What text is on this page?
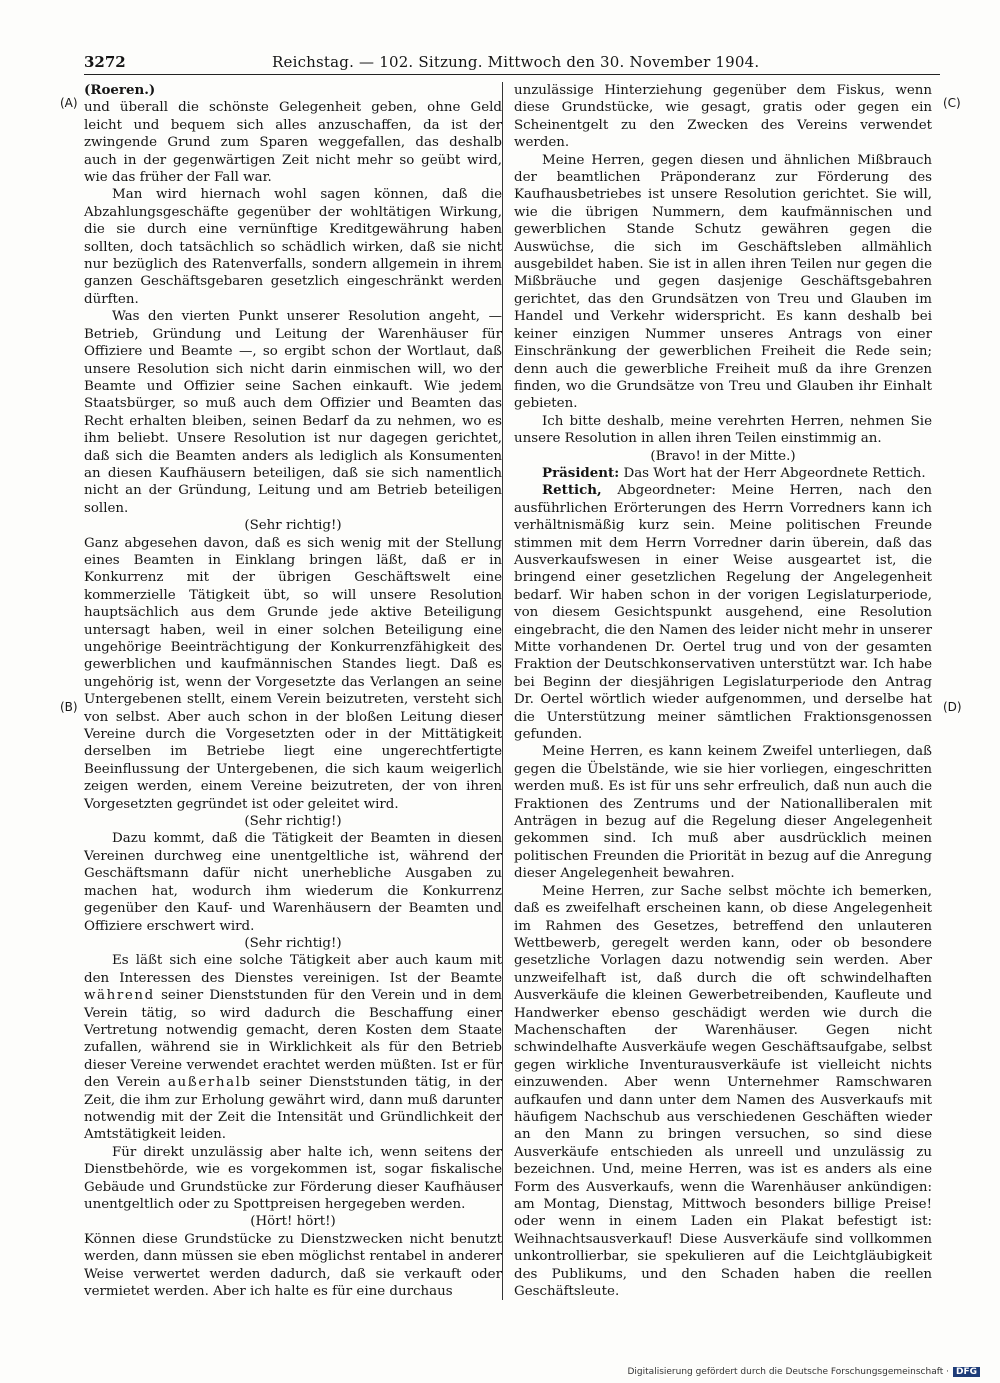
3272	Reichstag. — 102. Sitzung. Mittwoch den 30. November 1904.
(A)
(B)
(C)
(D)

(Roeren.)

und überall die schönste Gelegenheit geben, ohne Geld leicht und bequem sich alles anzuschaffen, da ist der zwingende Grund zum Sparen weggefallen, das deshalb auch in der gegenwärtigen Zeit nicht mehr so geübt wird, wie das früher der Fall war.

Man wird hiernach wohl sagen können, daß die Abzahlungsgeschäfte gegenüber der wohltätigen Wirkung, die sie durch eine vernünftige Kreditgewährung haben sollten, doch tatsächlich so schädlich wirken, daß sie nicht nur bezüglich des Ratenverfalls, sondern allgemein in ihrem ganzen Geschäftsgebaren gesetzlich eingeschränkt werden dürften.

Was den vierten Punkt unserer Resolution angeht, — Betrieb, Gründung und Leitung der Warenhäuser für Offiziere und Beamte —, so ergibt schon der Wortlaut, daß unsere Resolution sich nicht darin einmischen will, wo der Beamte und Offizier seine Sachen einkauft. Wie jedem Staatsbürger, so muß auch dem Offizier und Beamten das Recht erhalten bleiben, seinen Bedarf da zu nehmen, wo es ihm beliebt. Unsere Resolution ist nur dagegen gerichtet, daß sich die Beamten anders als lediglich als Konsumenten an diesen Kaufhäusern beteiligen, daß sie sich namentlich nicht an der Gründung, Leitung und am Betrieb beteiligen sollen.

(Sehr richtig!)

Ganz abgesehen davon, daß es sich wenig mit der Stellung eines Beamten in Einklang bringen läßt, daß er in Konkurrenz mit der übrigen Geschäftswelt eine kommerzielle Tätigkeit übt, so will unsere Resolution hauptsächlich aus dem Grunde jede aktive Beteiligung untersagt haben, weil in einer solchen Beteiligung eine ungehörige Beeinträchtigung der Konkurrenzfähigkeit des gewerblichen und kaufmännischen Standes liegt. Daß es ungehörig ist, wenn der Vorgesetzte das Verlangen an seine Untergebenen stellt, einem Verein beizutreten, versteht sich von selbst. Aber auch schon in der bloßen Leitung dieser Vereine durch die Vorgesetzten oder in der Mittätigkeit derselben im Betriebe liegt eine ungerechtfertigte Beeinflussung der Untergebenen, die sich kaum weigerlich zeigen werden, einem Vereine beizutreten, der von ihren Vorgesetzten gegründet ist oder geleitet wird.

(Sehr richtig!)

Dazu kommt, daß die Tätigkeit der Beamten in diesen Vereinen durchweg eine unentgeltliche ist, während der Geschäftsmann dafür nicht unerhebliche Ausgaben zu machen hat, wodurch ihm wiederum die Konkurrenz gegenüber den Kauf- und Warenhäusern der Beamten und Offiziere erschwert wird.

(Sehr richtig!)

Es läßt sich eine solche Tätigkeit aber auch kaum mit den Interessen des Dienstes vereinigen. Ist der Beamte während seiner Dienststunden für den Verein und in dem Verein tätig, so wird dadurch die Beschaffung einer Vertretung notwendig gemacht, deren Kosten dem Staate zufallen, während sie in Wirklichkeit als für den Betrieb dieser Vereine verwendet erachtet werden müßten. Ist er für den Verein außerhalb seiner Dienststunden tätig, in der Zeit, die ihm zur Erholung gewährt wird, dann muß darunter notwendig mit der Zeit die Intensität und Gründlichkeit der Amtstätigkeit leiden.

Für direkt unzulässig aber halte ich, wenn seitens der Dienstbehörde, wie es vorgekommen ist, sogar fiskalische Gebäude und Grundstücke zur Förderung dieser Kaufhäuser unentgeltlich oder zu Spottpreisen hergegeben werden.

(Hört! hört!)

Können diese Grundstücke zu Dienstzwecken nicht benutzt werden, dann müssen sie eben möglichst rentabel in anderer Weise verwertet werden dadurch, daß sie verkauft oder vermietet werden. Aber ich halte es für eine durchaus

unzulässige Hinterziehung gegenüber dem Fiskus, wenn diese Grundstücke, wie gesagt, gratis oder gegen ein Scheinentgelt zu den Zwecken des Vereins verwendet werden.

Meine Herren, gegen diesen und ähnlichen Mißbrauch der beamtlichen Präponderanz zur Förderung des Kaufhausbetriebes ist unsere Resolution gerichtet. Sie will, wie die übrigen Nummern, dem kaufmännischen und gewerblichen Stande Schutz gewähren gegen die Auswüchse, die sich im Geschäftsleben allmählich ausgebildet haben. Sie ist in allen ihren Teilen nur gegen die Mißbräuche und gegen dasjenige Geschäftsgebahren gerichtet, das den Grundsätzen von Treu und Glauben im Handel und Verkehr widerspricht. Es kann deshalb bei keiner einzigen Nummer unseres Antrags von einer Einschränkung der gewerblichen Freiheit die Rede sein; denn auch die gewerbliche Freiheit muß da ihre Grenzen finden, wo die Grundsätze von Treu und Glauben ihr Einhalt gebieten.

Ich bitte deshalb, meine verehrten Herren, nehmen Sie unsere Resolution in allen ihren Teilen einstimmig an.

(Bravo! in der Mitte.)

Präsident: Das Wort hat der Herr Abgeordnete Rettich.

Rettich, Abgeordneter: Meine Herren, nach den ausführlichen Erörterungen des Herrn Vorredners kann ich verhältnismäßig kurz sein. Meine politischen Freunde stimmen mit dem Herrn Vorredner darin überein, daß das Ausverkaufswesen in einer Weise ausgeartet ist, die bringend einer gesetzlichen Regelung der Angelegenheit bedarf. Wir haben schon in der vorigen Legislaturperiode, von diesem Gesichtspunkt ausgehend, eine Resolution eingebracht, die den Namen des leider nicht mehr in unserer Mitte vorhandenen Dr. Oertel trug und von der gesamten Fraktion der Deutschkonservativen unterstützt war. Ich habe bei Beginn der diesjährigen Legislaturperiode den Antrag Dr. Oertel wörtlich wieder aufgenommen, und derselbe hat die Unterstützung meiner sämtlichen Fraktionsgenossen gefunden.

Meine Herren, es kann keinem Zweifel unterliegen, daß gegen die Übelstände, wie sie hier vorliegen, eingeschritten werden muß. Es ist für uns sehr erfreulich, daß nun auch die Fraktionen des Zentrums und der Nationalliberalen mit Anträgen in bezug auf die Regelung dieser Angelegenheit gekommen sind. Ich muß aber ausdrücklich meinen politischen Freunden die Priorität in bezug auf die Anregung dieser Angelegenheit bewahren.

Meine Herren, zur Sache selbst möchte ich bemerken, daß es zweifelhaft erscheinen kann, ob diese Angelegenheit im Rahmen des Gesetzes, betreffend den unlauteren Wettbewerb, geregelt werden kann, oder ob besondere gesetzliche Vorlagen dazu notwendig sein werden. Aber unzweifelhaft ist, daß durch die oft schwindelhaften Ausverkäufe die kleinen Gewerbetreibenden, Kaufleute und Handwerker ebenso geschädigt werden wie durch die Machenschaften der Warenhäuser. Gegen nicht schwindelhafte Ausverkäufe wegen Geschäftsaufgabe, selbst gegen wirkliche Inventurausverkäufe ist vielleicht nichts einzuwenden. Aber wenn Unternehmer Ramschwaren aufkaufen und dann unter dem Namen des Ausverkaufs mit häufigem Nachschub aus verschiedenen Geschäften wieder an den Mann zu bringen versuchen, so sind diese Ausverkäufe entschieden als unreell und unzulässig zu bezeichnen. Und, meine Herren, was ist es anders als eine Form des Ausverkaufs, wenn die Warenhäuser ankündigen: am Montag, Dienstag, Mittwoch besonders billige Preise! oder wenn in einem Laden ein Plakat befestigt ist: Weihnachtsausverkauf! Diese Ausverkäufe sind vollkommen unkontrollierbar, sie spekulieren auf die Leichtgläubigkeit des Publikums, und den Schaden haben die reellen Geschäftsleute.

Digitalisierung gefördert durch die Deutsche Forschungsgemeinschaft · DFG
